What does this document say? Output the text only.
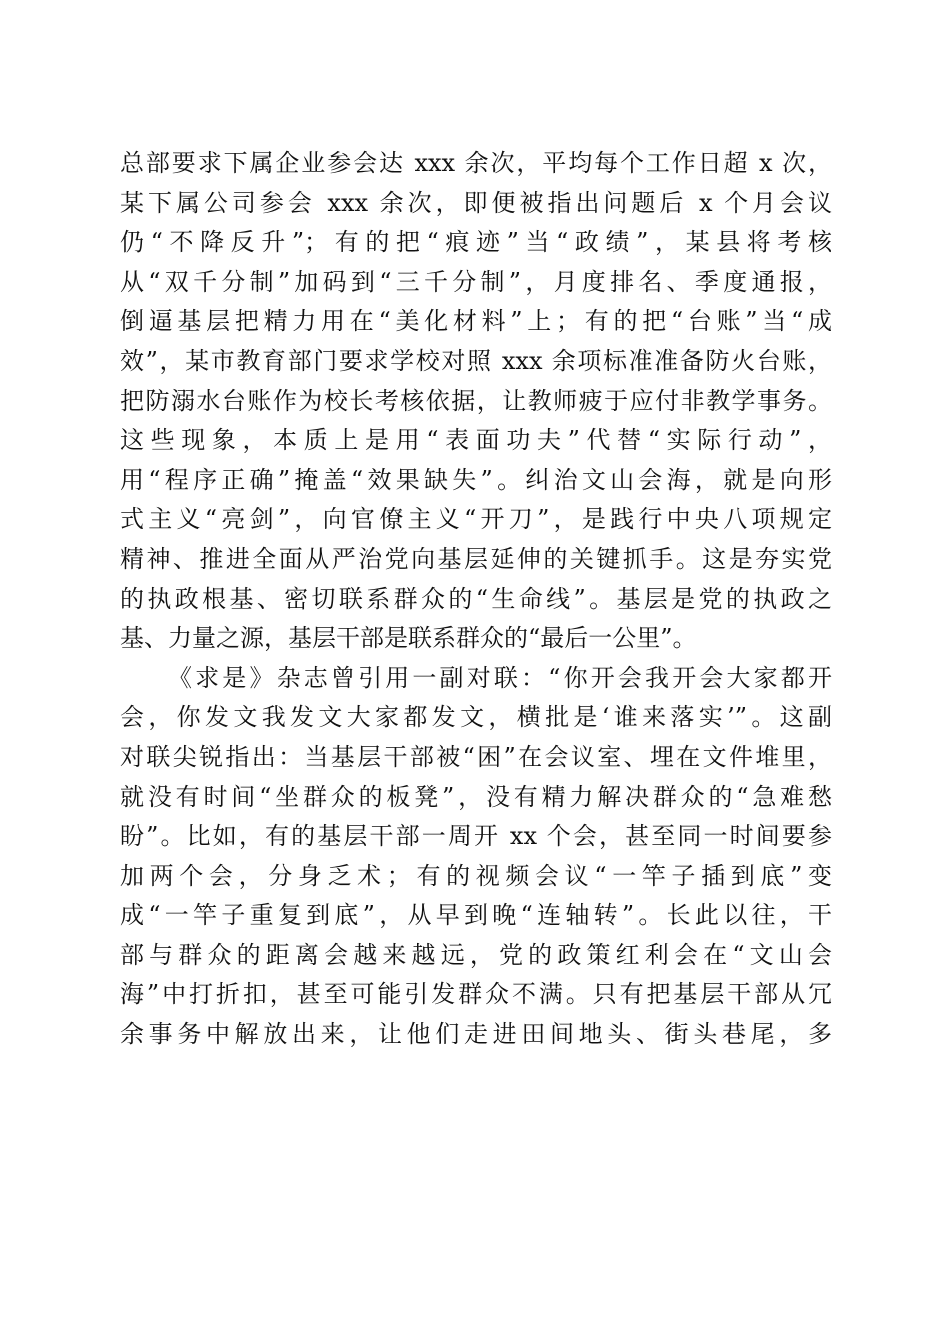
总部要求下属企业参会达 xxx 余次，平均每个工作日超 x 次，
某下属公司参会 xxx 余次，即便被指出问题后 x 个月会议
仍“不降反升”；有的把“痕迹”当“政绩”，某县将考核
从“双千分制”加码到“三千分制”，月度排名、季度通报，
倒逼基层把精力用在“美化材料”上；有的把“台账”当“成
效”，某市教育部门要求学校对照 xxx 余项标准准备防火台账，
把防溺水台账作为校长考核依据，让教师疲于应付非教学事务。
这些现象，本质上是用“表面功夫”代替“实际行动”，
用“程序正确”掩盖“效果缺失”。纠治文山会海，就是向形
式主义“亮剑”，向官僚主义“开刀”，是践行中央八项规定
精神、推进全面从严治党向基层延伸的关键抓手。这是夯实党
的执政根基、密切联系群众的“生命线”。基层是党的执政之
基、力量之源，基层干部是联系群众的“最后一公里”。
《求是》杂志曾引用一副对联：“你开会我开会大家都开
会，你发文我发文大家都发文，横批是‘谁来落实’”。这副
对联尖锐指出：当基层干部被“困”在会议室、埋在文件堆里，
就没有时间“坐群众的板凳”，没有精力解决群众的“急难愁
盼”。比如，有的基层干部一周开 xx 个会，甚至同一时间要参
加两个会，分身乏术；有的视频会议“一竿子插到底”变
成“一竿子重复到底”，从早到晚“连轴转”。长此以往，干
部与群众的距离会越来越远，党的政策红利会在“文山会
海”中打折扣，甚至可能引发群众不满。只有把基层干部从冗
余事务中解放出来，让他们走进田间地头、街头巷尾，多
